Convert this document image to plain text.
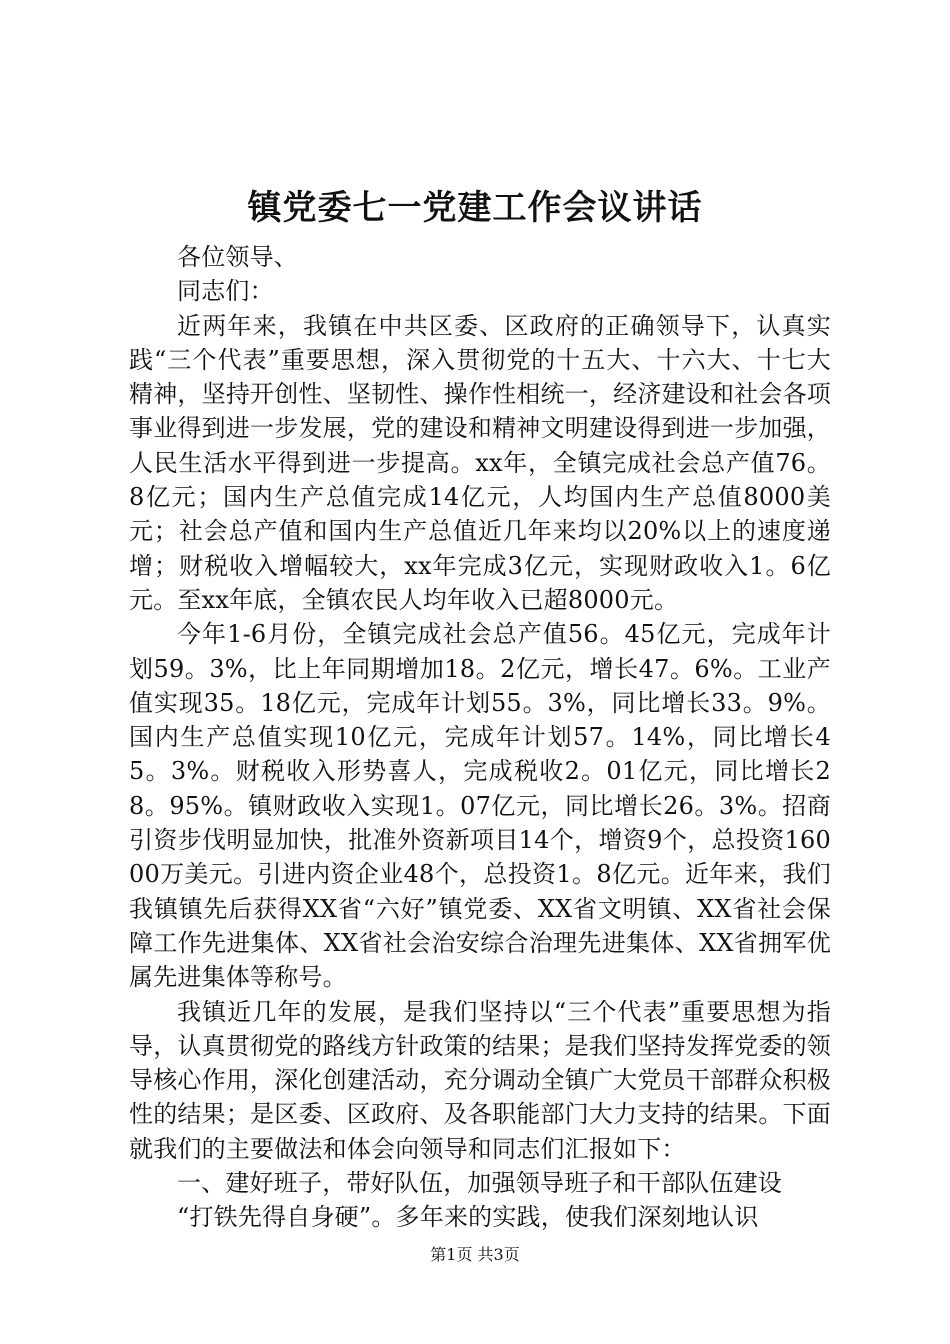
镇党委七一党建工作会议讲话

各位领导、

同志们：

近两年来，我镇在中共区委、区政府的正确领导下，认真实践“三个代表”重要思想，深入贯彻党的十五大、十六大、十七大精神，坚持开创性、坚韧性、操作性相统一，经济建设和社会各项事业得到进一步发展，党的建设和精神文明建设得到进一步加强，人民生活水平得到进一步提高。xx年，全镇完成社会总产值76。8亿元；国内生产总值完成14亿元，人均国内生产总值8000美元；社会总产值和国内生产总值近几年来均以20%以上的速度递增；财税收入增幅较大，xx年完成3亿元，实现财政收入1。6亿元。至xx年底，全镇农民人均年收入已超8000元。

今年1-6月份，全镇完成社会总产值56。45亿元，完成年计划59。3%，比上年同期增加18。2亿元，增长47。6%。工业产值实现35。18亿元，完成年计划55。3%，同比增长33。9%。国内生产总值实现10亿元，完成年计划57。14%，同比增长45。3%。财税收入形势喜人，完成税收2。01亿元，同比增长28。95%。镇财政收入实现1。07亿元，同比增长26。3%。招商引资步伐明显加快，批准外资新项目14个，增资9个，总投资16000万美元。引进内资企业48个，总投资1。8亿元。近年来，我们我镇镇先后获得XX省“六好”镇党委、XX省文明镇、XX省社会保障工作先进集体、XX省社会治安综合治理先进集体、XX省拥军优属先进集体等称号。

我镇近几年的发展，是我们坚持以“三个代表”重要思想为指导，认真贯彻党的路线方针政策的结果；是我们坚持发挥党委的领导核心作用，深化创建活动，充分调动全镇广大党员干部群众积极性的结果；是区委、区政府、及各职能部门大力支持的结果。下面就我们的主要做法和体会向领导和同志们汇报如下：

一、建好班子，带好队伍，加强领导班子和干部队伍建设

“打铁先得自身硬”。多年来的实践，使我们深刻地认识

第1页 共3页
